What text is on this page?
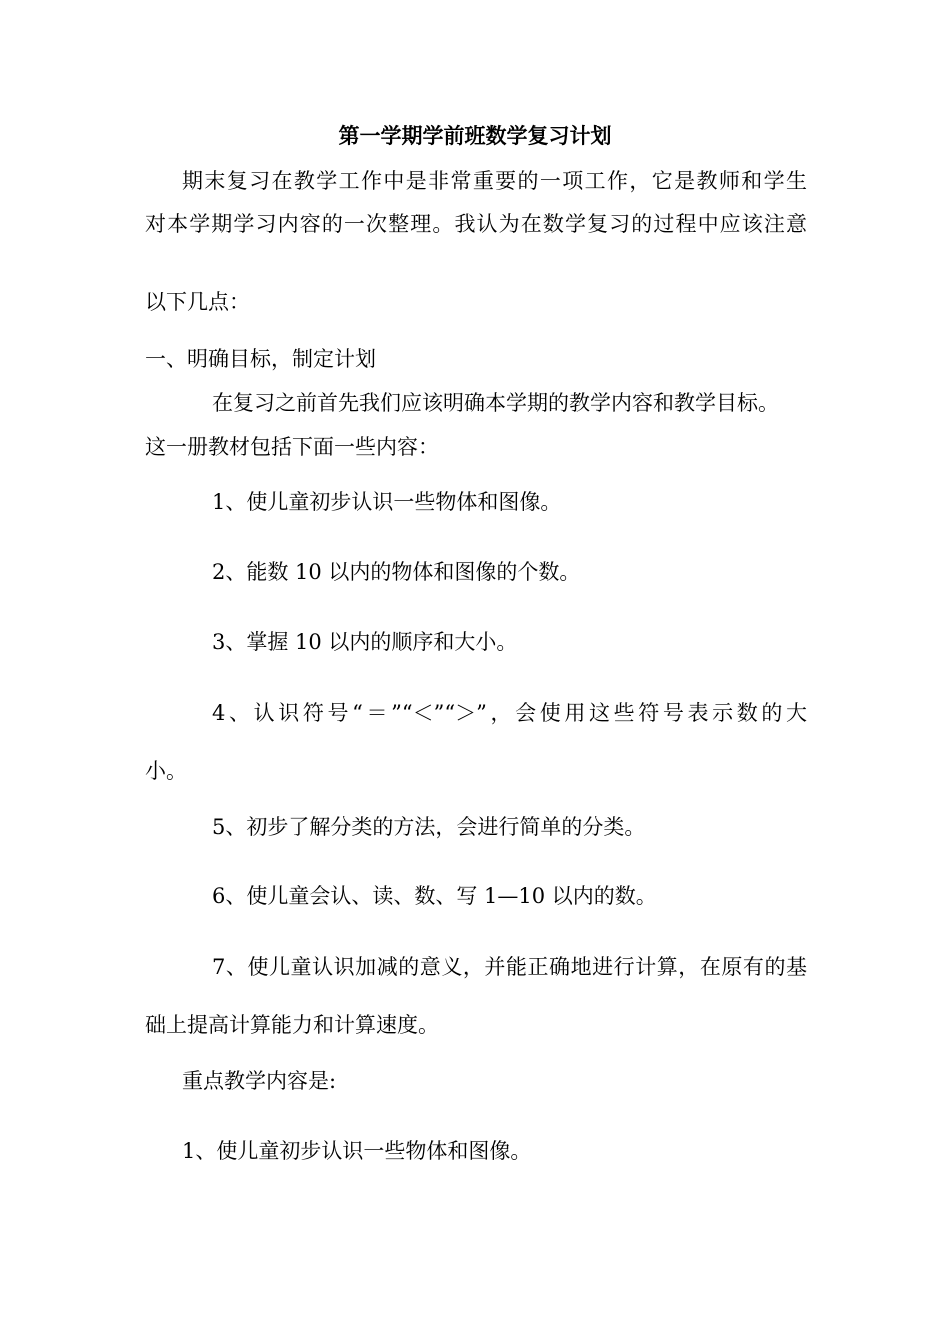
第一学期学前班数学复习计划
期末复习在教学工作中是非常重要的一项工作，它是教师和学生
对本学期学习内容的一次整理。我认为在数学复习的过程中应该注意
以下几点：
一、明确目标，制定计划
在复习之前首先我们应该明确本学期的教学内容和教学目标。
这一册教材包括下面一些内容：
1、使儿童初步认识一些物体和图像。
2、能数 10 以内的物体和图像的个数。
3、掌握 10 以内的顺序和大小。
4、认识符号“＝”“＜”“＞”，会使用这些符号表示数的大
小。
5、初步了解分类的方法，会进行简单的分类。
6、使儿童会认、读、数、写 1—10 以内的数。
7、使儿童认识加减的意义，并能正确地进行计算，在原有的基
础上提高计算能力和计算速度。
重点教学内容是:
1、使儿童初步认识一些物体和图像。
